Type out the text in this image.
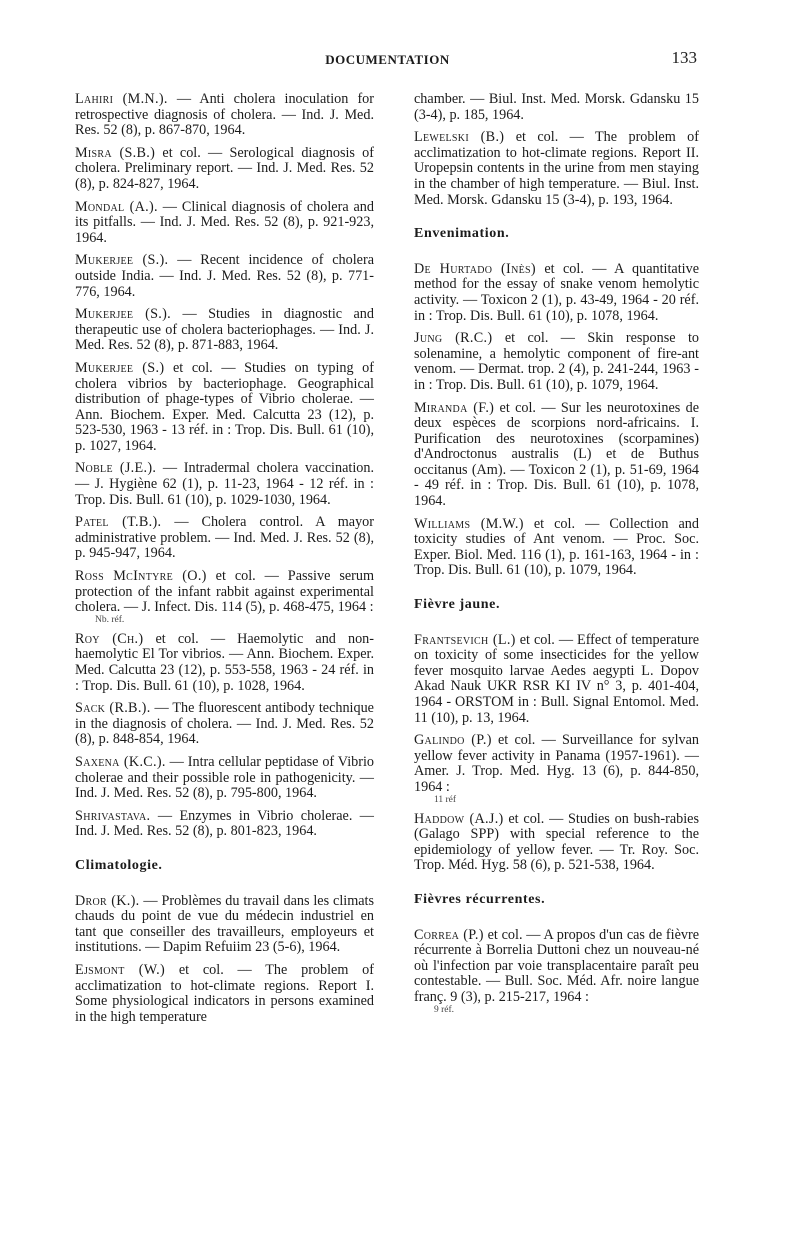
DOCUMENTATION	133

Lahiri (M.N.). — Anti cholera inoculation for retrospective diagnosis of cholera. — Ind. J. Med. Res. 52 (8), p. 867-870, 1964.

Misra (S.B.) et col. — Serological diagnosis of cholera. Preliminary report. — Ind. J. Med. Res. 52 (8), p. 824-827, 1964.

Mondal (A.). — Clinical diagnosis of cholera and its pitfalls. — Ind. J. Med. Res. 52 (8), p. 921-923, 1964.

Mukerjee (S.). — Recent incidence of cholera outside India. — Ind. J. Med. Res. 52 (8), p. 771-776, 1964.

Mukerjee (S.). — Studies in diagnostic and therapeutic use of cholera bacteriophages. — Ind. J. Med. Res. 52 (8), p. 871-883, 1964.

Mukerjee (S.) et col. — Studies on typing of cholera vibrios by bacteriophage. Geographical distribution of phage-types of Vibrio cholerae. — Ann. Biochem. Exper. Med. Calcutta 23 (12), p. 523-530, 1963 - 13 réf. in : Trop. Dis. Bull. 61 (10), p. 1027, 1964.

Noble (J.E.). — Intradermal cholera vaccination. — J. Hygiène 62 (1), p. 11-23, 1964 - 12 réf. in : Trop. Dis. Bull. 61 (10), p. 1029-1030, 1964.

Patel (T.B.). — Cholera control. A mayor administrative problem. — Ind. Med. J. Res. 52 (8), p. 945-947, 1964.

Ross McIntyre (O.) et col. — Passive serum protection of the infant rabbit against experimental cholera. — J. Infect. Dis. 114 (5), p. 468-475, 1964 :
Nb. réf.

Roy (Ch.) et col. — Haemolytic and non-haemolytic El Tor vibrios. — Ann. Biochem. Exper. Med. Calcutta 23 (12), p. 553-558, 1963 - 24 réf. in : Trop. Dis. Bull. 61 (10), p. 1028, 1964.

Sack (R.B.). — The fluorescent antibody technique in the diagnosis of cholera. — Ind. J. Med. Res. 52 (8), p. 848-854, 1964.

Saxena (K.C.). — Intra cellular peptidase of Vibrio cholerae and their possible role in pathogenicity. — Ind. J. Med. Res. 52 (8), p. 795-800, 1964.

Shrivastava. — Enzymes in Vibrio cholerae. — Ind. J. Med. Res. 52 (8), p. 801-823, 1964.

Climatologie.

Dror (K.). — Problèmes du travail dans les climats chauds du point de vue du médecin industriel en tant que conseiller des travailleurs, employeurs et institutions. — Dapim Refuiim 23 (5-6), 1964.

Ejsmont (W.) et col. — The problem of acclimatization to hot-climate regions. Report I. Some physiological indicators in persons examined in the high temperature

chamber. — Biul. Inst. Med. Morsk. Gdansku 15 (3-4), p. 185, 1964.

Lewelski (B.) et col. — The problem of acclimatization to hot-climate regions. Report II. Uropepsin contents in the urine from men staying in the chamber of high temperature. — Biul. Inst. Med. Morsk. Gdansku 15 (3-4), p. 193, 1964.

Envenimation.

De Hurtado (Inès) et col. — A quantitative method for the essay of snake venom hemolytic activity. — Toxicon 2 (1), p. 43-49, 1964 - 20 réf. in : Trop. Dis. Bull. 61 (10), p. 1078, 1964.

Jung (R.C.) et col. — Skin response to solenamine, a hemolytic component of fire-ant venom. — Dermat. trop. 2 (4), p. 241-244, 1963 - in : Trop. Dis. Bull. 61 (10), p. 1079, 1964.

Miranda (F.) et col. — Sur les neurotoxines de deux espèces de scorpions nord-africains. I. Purification des neurotoxines (scorpamines) d'Androctonus australis (L) et de Buthus occitanus (Am). — Toxicon 2 (1), p. 51-69, 1964 - 49 réf. in : Trop. Dis. Bull. 61 (10), p. 1078, 1964.

Williams (M.W.) et col. — Collection and toxicity studies of Ant venom. — Proc. Soc. Exper. Biol. Med. 116 (1), p. 161-163, 1964 - in : Trop. Dis. Bull. 61 (10), p. 1079, 1964.

Fièvre jaune.

Frantsevich (L.) et col. — Effect of temperature on toxicity of some insecticides for the yellow fever mosquito larvae Aedes aegypti L. Dopov Akad Nauk UKR RSR KI IV n° 3, p. 401-404, 1964 - ORSTOM in : Bull. Signal Entomol. Med. 11 (10), p. 13, 1964.

Galindo (P.) et col. — Surveillance for sylvan yellow fever activity in Panama (1957-1961). — Amer. J. Trop. Med. Hyg. 13 (6), p. 844-850, 1964 :
11 réf

Haddow (A.J.) et col. — Studies on bush-rabies (Galago SPP) with special reference to the epidemiology of yellow fever. — Tr. Roy. Soc. Trop. Méd. Hyg. 58 (6), p. 521-538, 1964.

Fièvres récurrentes.

Correa (P.) et col. — A propos d'un cas de fièvre récurrente à Borrelia Duttoni chez un nouveau-né où l'infection par voie transplacentaire paraît peu contestable. — Bull. Soc. Méd. Afr. noire langue franç. 9 (3), p. 215-217, 1964 :
9 réf.
